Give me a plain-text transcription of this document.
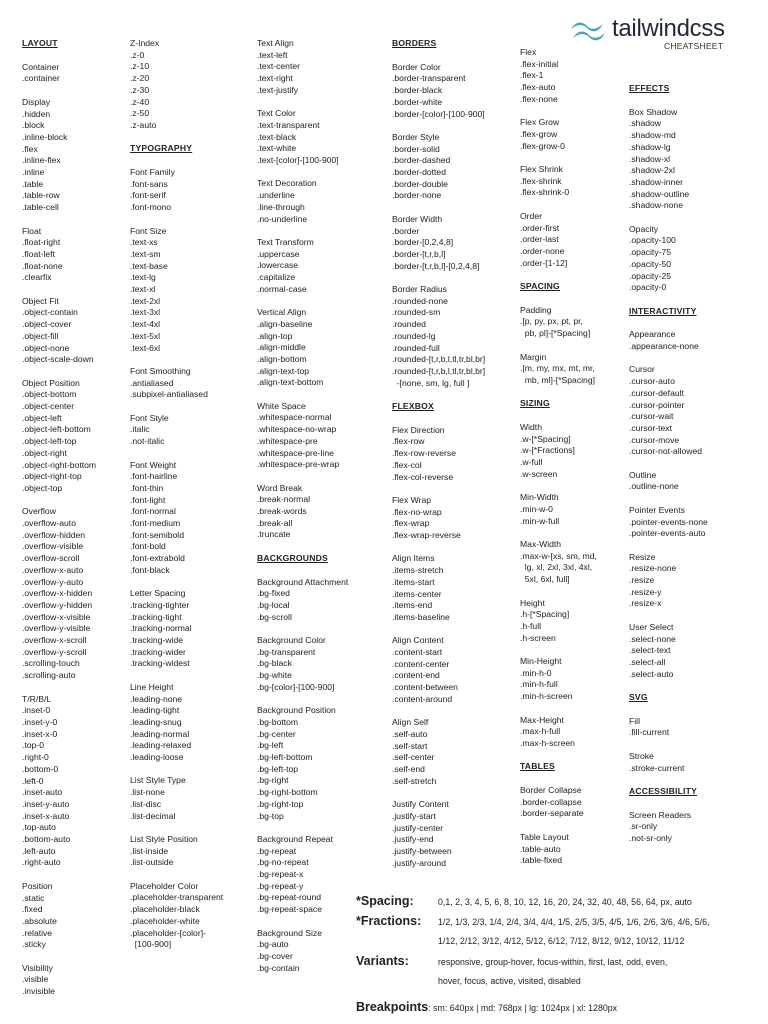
tailwindcss
CHEATSHEET
LAYOUT
Container
.container
Display
.hidden
.block
.inline-block
.flex
.inline-flex
.inline
.table
.table-row
.table-cell
Float
.float-right
.float-left
.float-none
.clearfix
Object Fit
.object-contain
.object-cover
.object-fill
.object-none
.object-scale-down
Object Position
.object-bottom
.object-center
.object-left
.object-left-bottom
.object-left-top
.object-right
.object-right-bottom
.object-right-top
.object-top
Overflow
.overflow-auto
.overflow-hidden
.overflow-visible
.overflow-scroll
.overflow-x-auto
.overflow-y-auto
.overflow-x-hidden
.overflow-y-hidden
.overflow-x-visible
.overflow-y-visible
.overflow-x-scroll
.overflow-y-scroll
.scrolling-touch
.scrolling-auto
T/R/B/L
.inset-0
.inset-y-0
.inset-x-0
.top-0
.right-0
.bottom-0
.left-0
.inset-auto
.inset-y-auto
.inset-x-auto
.top-auto
.bottom-auto
.left-auto
.right-auto
Position
.static
.fixed
.absolute
.relative
.sticky
Visibility
.visible
.invisible
Z-Index
.z-0
.z-10
.z-20
.z-30
.z-40
.z-50
.z-auto
TYPOGRAPHY
Font Family
.font-sans
.font-serif
.font-mono
Font Size
.text-xs
.text-sm
.text-base
.text-lg
.text-xl
.text-2xl
.text-3xl
.text-4xl
.text-5xl
.text-6xl
Font Smoothing
.antialiased
.subpixel-antialiased
Font Style
.italic
.not-italic
Font Weight
.font-hairline
.font-thin
.font-light
.font-normal
.font-medium
.font-semibold
.font-bold
.font-extrabold
.font-black
Letter Spacing
.tracking-tighter
.tracking-tight
.tracking-normal
.tracking-wide
.tracking-wider
.tracking-widest
Line Height
.leading-none
.leading-tight
.leading-snug
.leading-normal
.leading-relaxed
.leading-loose
List Style Type
.list-none
.list-disc
.list-decimal
List Style Position
.list-inside
.list-outside
Placeholder Color
.placeholder-transparent
.placeholder-black
.placeholder-white
.placeholder-[color]-
[100-900]
Text Align
.text-left
.text-center
.text-right
.text-justify
Text Color
.text-transparent
.text-black
.text-white
.text-[color]-[100-900]
Text Decoration
.underline
.line-through
.no-underline
Text Transform
.uppercase
.lowercase
.capitalize
.normal-case
Vertical Align
.align-baseline
.align-top
.align-middle
.align-bottom
.align-text-top
.align-text-bottom
White Space
.whitespace-normal
.whitespace-no-wrap
.whitespace-pre
.whitespace-pre-line
.whitespace-pre-wrap
Word Break
.break-normal
.break-words
.break-all
.truncate
BACKGROUNDS
Background Attachment
.bg-fixed
.bg-local
.bg-scroll
Background Color
.bg-transparent
.bg-black
.bg-white
.bg-[color]-[100-900]
Background Position
.bg-bottom
.bg-center
.bg-left
.bg-left-bottom
.bg-left-top
.bg-right
.bg-right-bottom
.bg-right-top
.bg-top
Background Repeat
.bg-repeat
.bg-no-repeat
.bg-repeat-x
.bg-repeat-y
.bg-repeat-round
.bg-repeat-space
Background Size
.bg-auto
.bg-cover
.bg-contain
BORDERS
Border Color
.border-transparent
.border-black
.border-white
.border-[color]-[100-900]
Border Style
.border-solid
.border-dashed
.border-dotted
.border-double
.border-none
Border Width
.border
.border-[0,2,4,8]
.border-[t,r,b,l]
.border-[t,r,b,l]-[0,2,4,8]
Border Radius
.rounded-none
.rounded-sm
.rounded
.rounded-lg
.rounded-full
.rounded-[t,r,b,l,tl,tr,bl,br]
.rounded-[t,r,b,l,tl,tr,bl,br]
-[none, sm, lg, full ]
FLEXBOX
Flex Direction
.flex-row
.flex-row-reverse
.flex-col
.flex-col-reverse
Flex Wrap
.flex-no-wrap
.flex-wrap
.flex-wrap-reverse
Align Items
.items-stretch
.items-start
.items-center
.items-end
.items-baseline
Align Content
.content-start
.content-center
.content-end
.content-between
.content-around
Align Self
.self-auto
.self-start
.self-center
.self-end
.self-stretch
Justify Content
.justify-start
.justify-center
.justify-end
.justify-between
.justify-around
Flex
.flex-initial
.flex-1
.flex-auto
.flex-none
Flex Grow
.flex-grow
.flex-grow-0
Flex Shrink
.flex-shrink
.flex-shrink-0
Order
.order-first
.order-last
.order-none
.order-[1-12]
SPACING
Padding
.[p, py, px, pt, pr,
pb, pl]-[*Spacing]
Margin
.[m, my, mx, mt, mr,
mb, ml]-[*Spacing]
SIZING
Width
.w-[*Spacing]
.w-[*Fractions]
.w-full
.w-screen
Min-Width
.min-w-0
.min-w-full
Max-Width
.max-w-[xs, sm, md,
lg, xl, 2xl, 3xl, 4xl,
5xl, 6xl, full]
Height
.h-[*Spacing]
.h-full
.h-screen
Min-Height
.min-h-0
.min-h-full
.min-h-screen
Max-Height
.max-h-full
.max-h-screen
TABLES
Border Collapse
.border-collapse
.border-separate
Table Layout
.table-auto
.table-fixed
EFFECTS
Box Shadow
.shadow
.shadow-md
.shadow-lg
.shadow-xl
.shadow-2xl
.shadow-inner
.shadow-outline
.shadow-none
Opacity
.opacity-100
.opacity-75
.opacity-50
.opacity-25
.opacity-0
INTERACTIVITY
Appearance
.appearance-none
Cursor
.cursor-auto
.cursor-default
.cursor-pointer
.cursor-wait
.cursor-text
.cursor-move
.cursor-not-allowed
Outline
.outline-none
Pointer Events
.pointer-events-none
.pointer-events-auto
Resize
.resize-none
.resize
.resize-y
.resize-x
User Select
.select-none
.select-text
.select-all
.select-auto
SVG
Fill
.fill-current
Stroke
.stroke-current
ACCESSIBILITY
Screen Readers
.sr-only
.not-sr-only
*Spacing:	0,1, 2, 3, 4, 5, 6, 8, 10, 12, 16, 20, 24, 32, 40, 48, 56, 64, px, auto
*Fractions:	1/2, 1/3, 2/3, 1/4, 2/4, 3/4, 4/4, 1/5, 2/5, 3/5, 4/5, 1/6, 2/6, 3/6, 4/6, 5/6,
1/12, 2/12, 3/12, 4/12, 5/12, 6/12, 7/12, 8/12, 9/12, 10/12, 11/12
Variants:	responsive, group-hover, focus-within, first, last, odd, even,
hover, focus, active, visited, disabled
Breakpoints : sm: 640px | md: 768px | lg: 1024px | xl: 1280px
